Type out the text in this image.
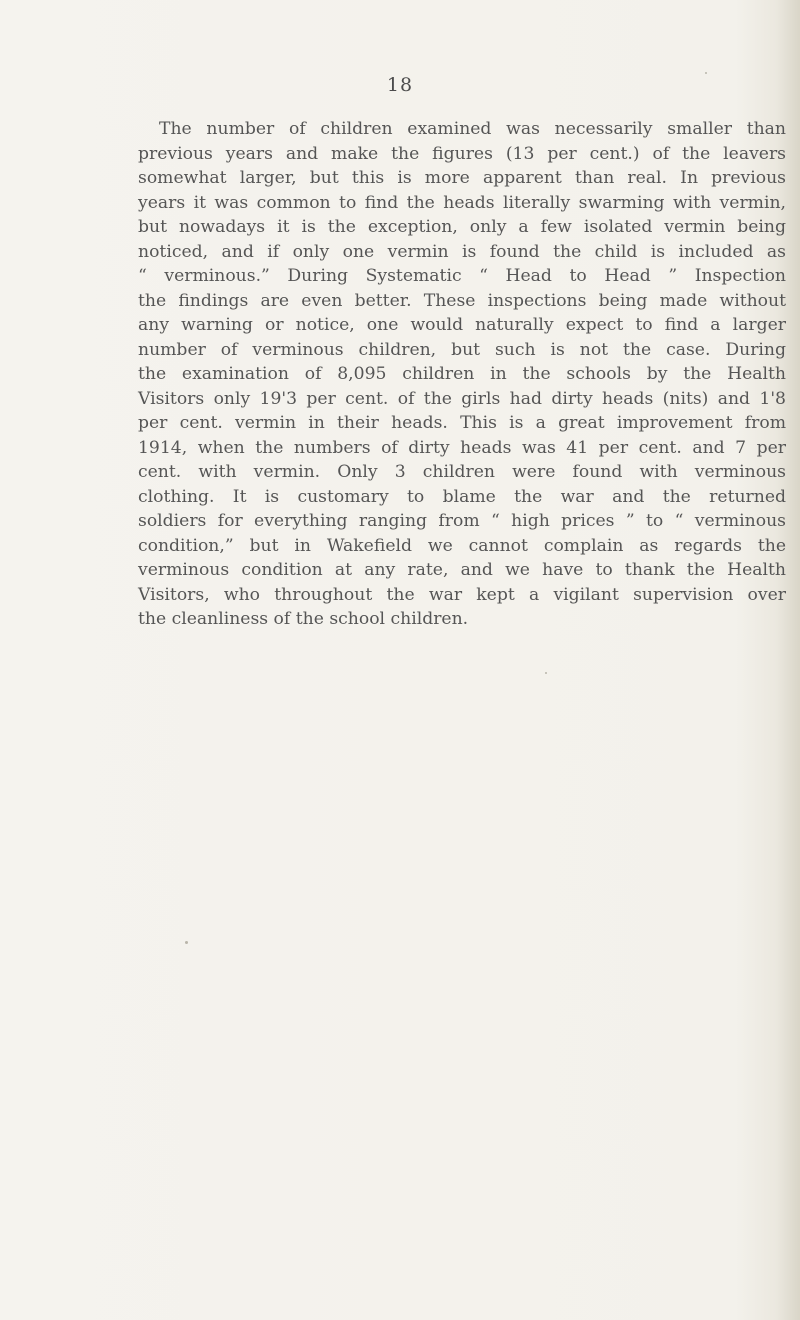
18

The number of children examined was necessarily smaller than
previous years and make the figures (13 per cent.) of the leavers
somewhat larger, but this is more apparent than real. In previous
years it was common to find the heads literally swarming with vermin,
but nowadays it is the exception, only a few isolated vermin being
noticed, and if only one vermin is found the child is included as
“ verminous.” During Systematic “ Head to Head ” Inspection
the findings are even better. These inspections being made without
any warning or notice, one would naturally expect to find a larger
number of verminous children, but such is not the case. During
the examination of 8,095 children in the schools by the Health
Visitors only 19'3 per cent. of the girls had dirty heads (nits) and 1'8
per cent. vermin in their heads. This is a great improvement from
1914, when the numbers of dirty heads was 41 per cent. and 7 per
cent. with vermin. Only 3 children were found with verminous
clothing. It is customary to blame the war and the returned
soldiers for everything ranging from “ high prices ” to “ verminous
condition,” but in Wakefield we cannot complain as regards the
verminous condition at any rate, and we have to thank the Health
Visitors, who throughout the war kept a vigilant supervision over
the cleanliness of the school children.
